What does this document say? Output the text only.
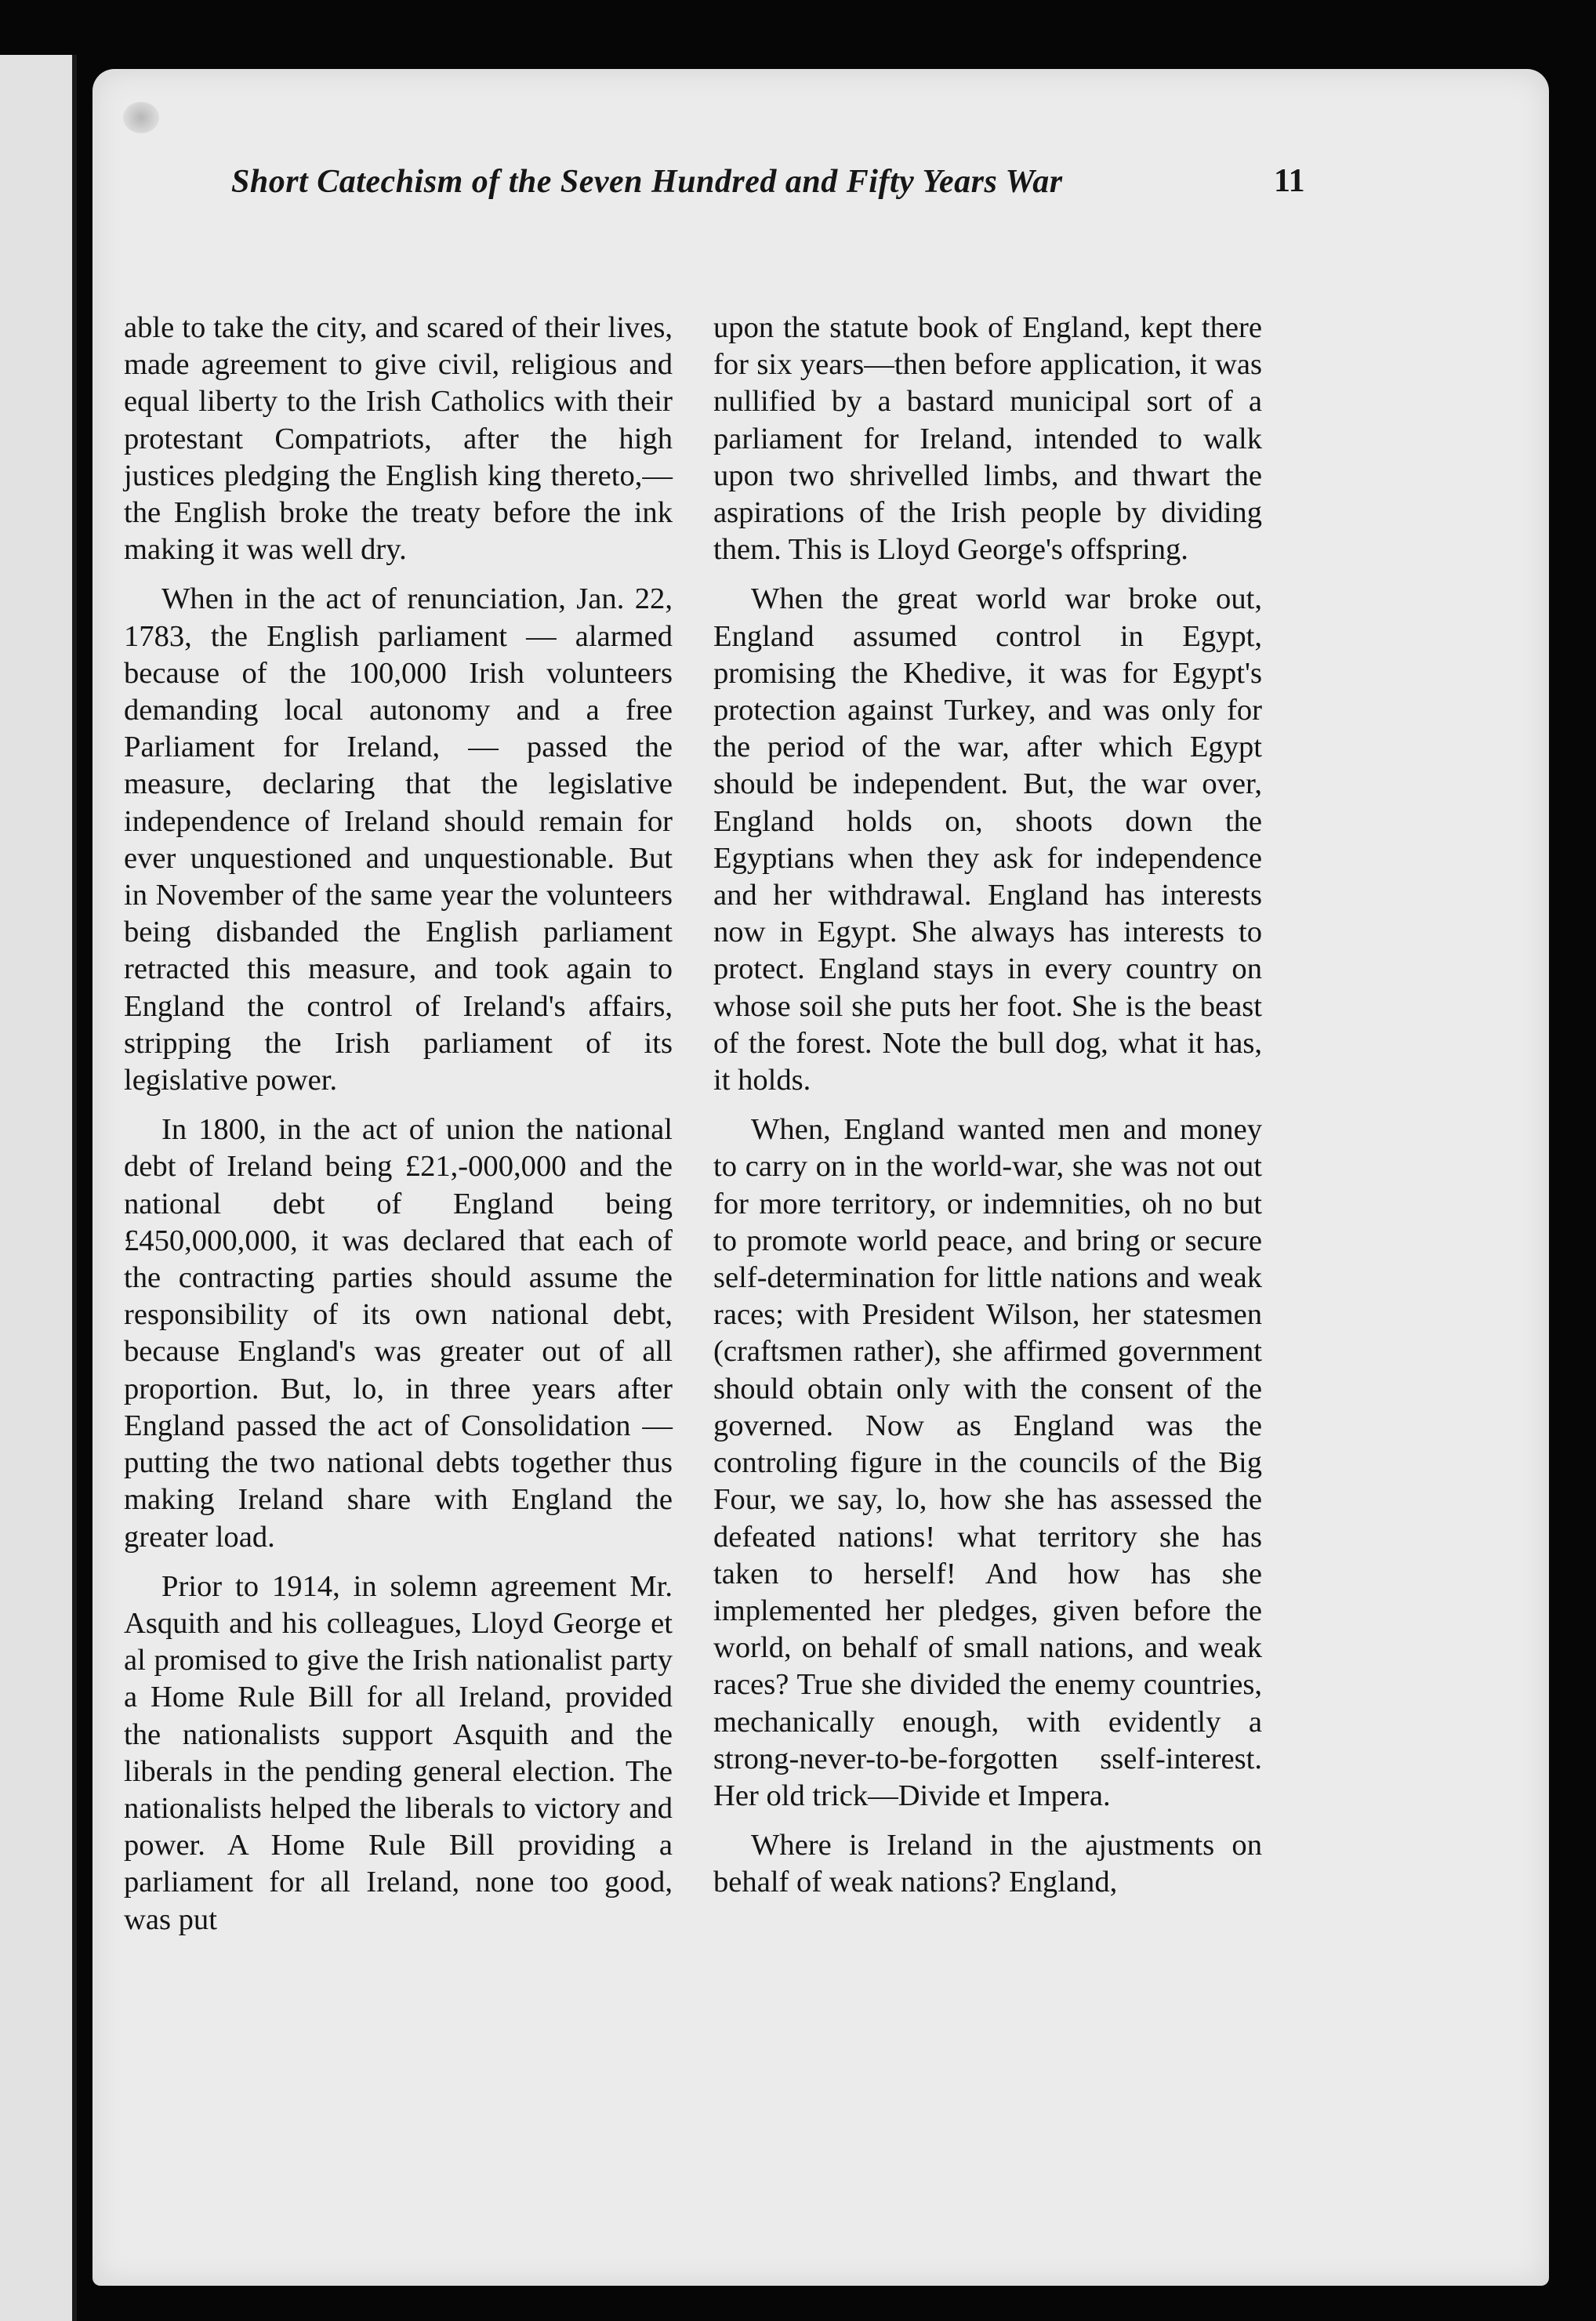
Short Catechism of the Seven Hundred and Fifty Years War	11

able to take the city, and scared of their lives, made agreement to give civil, religious and equal liberty to the Irish Catholics with their protestant Compatriots, after the high justices pledging the English king thereto,—the English broke the treaty before the ink making it was well dry.

When in the act of renunciation, Jan. 22, 1783, the English parliament — alarmed because of the 100,000 Irish volunteers demanding local autonomy and a free Parliament for Ireland, — passed the measure, declaring that the legislative independence of Ireland should remain for ever unquestioned and unquestionable. But in November of the same year the volunteers being disbanded the English parliament retracted this measure, and took again to England the control of Ireland's affairs, stripping the Irish parliament of its legislative power.

In 1800, in the act of union the national debt of Ireland being £21,-000,000 and the national debt of England being £450,000,000, it was declared that each of the contracting parties should assume the responsibility of its own national debt, because England's was greater out of all proportion. But, lo, in three years after England passed the act of Consolidation — putting the two national debts together thus making Ireland share with England the greater load.

Prior to 1914, in solemn agreement Mr. Asquith and his colleagues, Lloyd George et al promised to give the Irish nationalist party a Home Rule Bill for all Ireland, provided the nationalists support Asquith and the liberals in the pending general election. The nationalists helped the liberals to victory and power. A Home Rule Bill providing a parliament for all Ireland, none too good, was put

upon the statute book of England, kept there for six years—then before application, it was nullified by a bastard municipal sort of a parliament for Ireland, intended to walk upon two shrivelled limbs, and thwart the aspirations of the Irish people by dividing them. This is Lloyd George's offspring.

When the great world war broke out, England assumed control in Egypt, promising the Khedive, it was for Egypt's protection against Turkey, and was only for the period of the war, after which Egypt should be independent. But, the war over, England holds on, shoots down the Egyptians when they ask for independence and her withdrawal. England has interests now in Egypt. She always has interests to protect. England stays in every country on whose soil she puts her foot. She is the beast of the forest. Note the bull dog, what it has, it holds.

When, England wanted men and money to carry on in the world-war, she was not out for more territory, or indemnities, oh no but to promote world peace, and bring or secure self-determination for little nations and weak races; with President Wilson, her statesmen (craftsmen rather), she affirmed government should obtain only with the consent of the governed. Now as England was the controling figure in the councils of the Big Four, we say, lo, how she has assessed the defeated nations! what territory she has taken to herself! And how has she implemented her pledges, given before the world, on behalf of small nations, and weak races? True she divided the enemy countries, mechanically enough, with evidently a strong-never-to-be-forgotten sself-interest. Her old trick—Divide et Impera.

Where is Ireland in the ajustments on behalf of weak nations? England,
